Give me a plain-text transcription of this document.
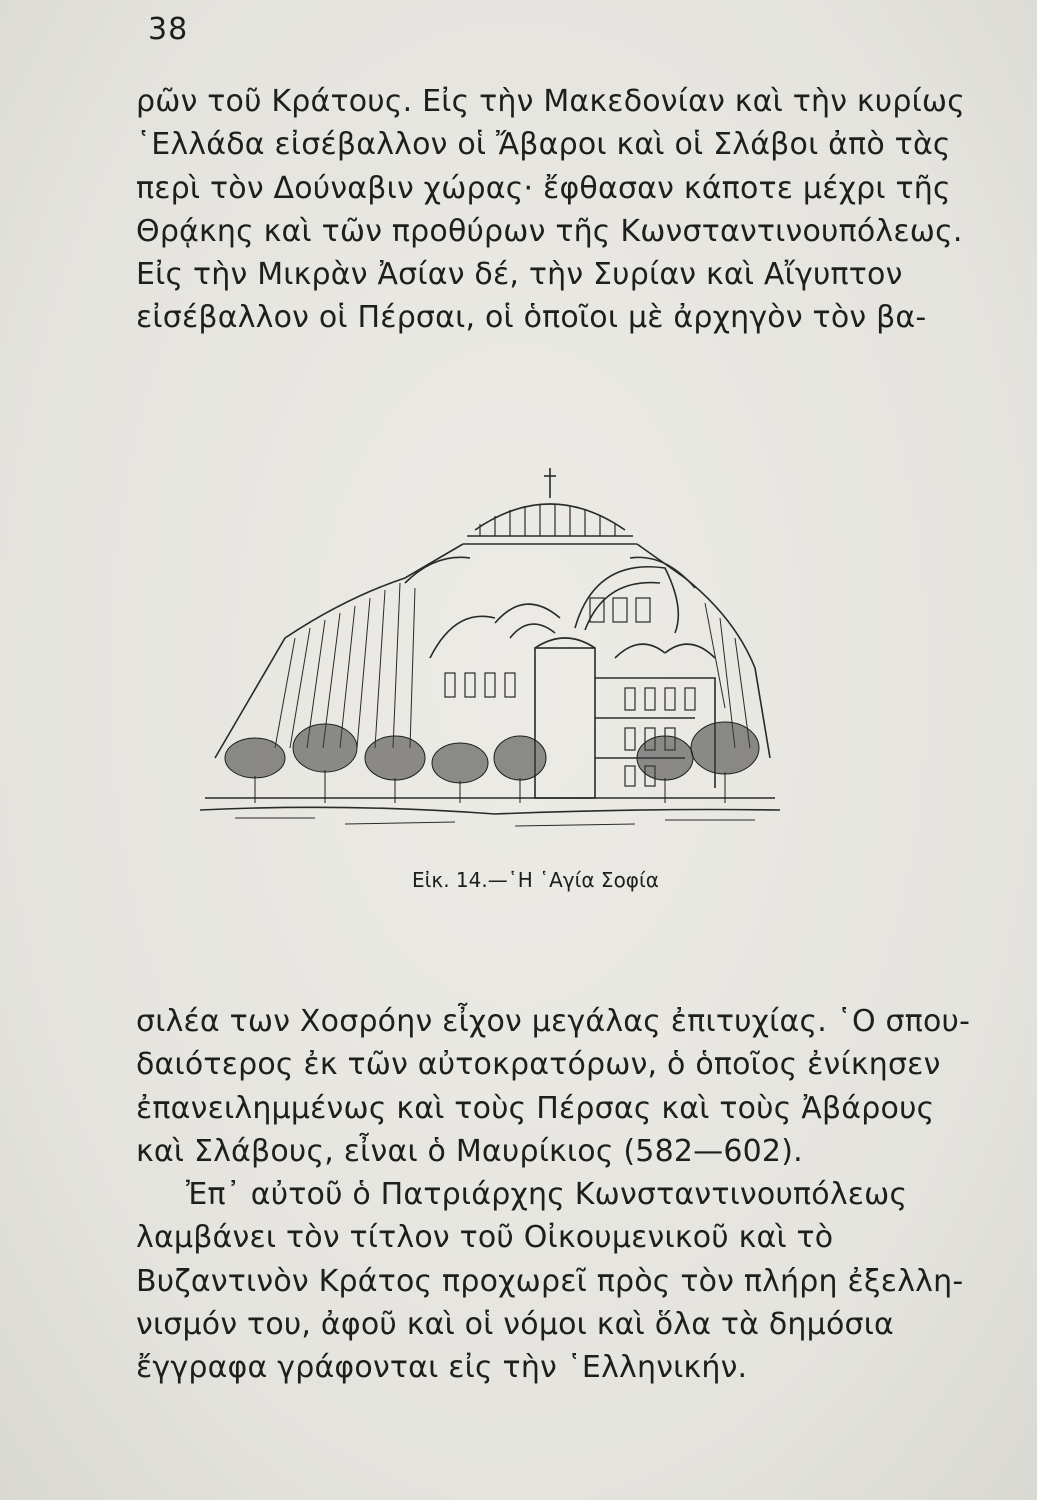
38
ρῶν τοῦ Κράτους. Εἰς τὴν Μακεδονίαν καὶ τὴν κυρίως
῾Ελλάδα εἰσέβαλλον οἱ Ἄβαροι καὶ οἱ Σλάβοι ἀπὸ τὰς
περὶ τὸν Δούναβιν χώρας· ἔφθασαν κάποτε μέχρι τῆς
Θρᾴκης καὶ τῶν προθύρων τῆς Κωνσταντινουπόλεως.
Εἰς τὴν Μικρὰν Ἀσίαν δέ, τὴν Συρίαν καὶ Αἴγυπτον
εἰσέβαλλον οἱ Πέρσαι, οἱ ὁποῖοι μὲ ἀρχηγὸν τὸν βα-
Εἰκ. 14.—῾Η ῾Αγία Σοφία
σιλέα των Χοσρόην εἶχον μεγάλας ἐπιτυχίας. ῾Ο σπου-
δαιότερος ἐκ τῶν αὐτοκρατόρων, ὁ ὁποῖος ἐνίκησεν
ἐπανειλημμένως καὶ τοὺς Πέρσας καὶ τοὺς Ἀβάρους
καὶ Σλάβους, εἶναι ὁ Μαυρίκιος (582—602).
Ἐπ᾽ αὐτοῦ ὁ Πατριάρχης Κωνσταντινουπόλεως
λαμβάνει τὸν τίτλον τοῦ Οἰκουμενικοῦ καὶ τὸ
Βυζαντινὸν Κράτος προχωρεῖ πρὸς τὸν πλήρη ἐξελλη-
νισμόν του, ἀφοῦ καὶ οἱ νόμοι καὶ ὅλα τὰ δημόσια
ἔγγραφα γράφονται εἰς τὴν ῾Ελληνικήν.
